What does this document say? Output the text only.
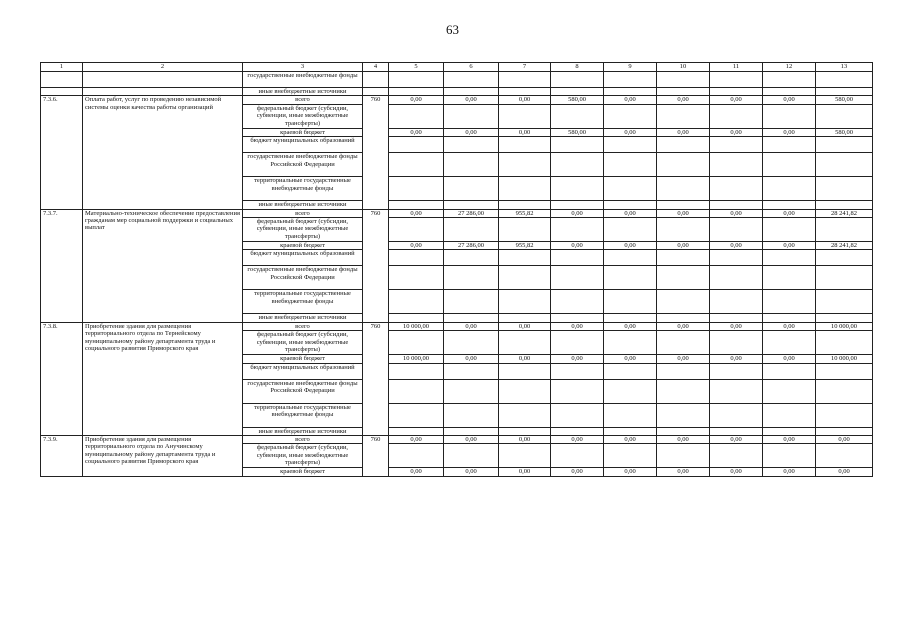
63
1	2	3	4	5	6	7	8	9	10	11	12	13
		государственные внебюджетные фонды										
		иные внебюджетные источники										
7.3.6.	Оплата работ, услуг по проведению независимой системы оценки качества работы организаций	всего	760	0,00	0,00	0,00	580,00	0,00	0,00	0,00	0,00	580,00
		федеральный бюджет (субсидии, субвенции, иные межбюджетные трансферты)										
		краевой бюджет		0,00	0,00	0,00	580,00	0,00	0,00	0,00	0,00	580,00
		бюджет муниципальных образований										
		государственные внебюджетные фонды Российской Федерации										
		территориальные государственные внебюджетные фонды										
		иные внебюджетные источники										
7.3.7.	Материально-техническое обеспечение предоставления гражданам мер социальной поддержки и социальных выплат	всего	760	0,00	27 286,00	955,82	0,00	0,00	0,00	0,00	0,00	28 241,82
		федеральный бюджет (субсидии, субвенции, иные межбюджетные трансферты)										
		краевой бюджет		0,00	27 286,00	955,82	0,00	0,00	0,00	0,00	0,00	28 241,82
		бюджет муниципальных образований										
		государственные внебюджетные фонды Российской Федерации										
		территориальные государственные внебюджетные фонды										
		иные внебюджетные источники										
7.3.8.	Приобретение здания для размещения территориального отдела по Тернейскому муниципальному району департамента труда и социального развития Приморского края	всего	760	10 000,00	0,00	0,00	0,00	0,00	0,00	0,00	0,00	10 000,00
		федеральный бюджет (субсидии, субвенции, иные межбюджетные трансферты)										
		краевой бюджет		10 000,00	0,00	0,00	0,00	0,00	0,00	0,00	0,00	10 000,00
		бюджет муниципальных образований										
		государственные внебюджетные фонды Российской Федерации										
		территориальные государственные внебюджетные фонды										
		иные внебюджетные источники										
7.3.9.	Приобретение здания для размещения территориального отдела по Анучинскому муниципальному району департамента труда и социального развития Приморского края	всего	760	0,00	0,00	0,00	0,00	0,00	0,00	0,00	0,00	0,00
		федеральный бюджет (субсидии, субвенции, иные межбюджетные трансферты)										
		краевой бюджет		0,00	0,00	0,00	0,00	0,00	0,00	0,00	0,00	0,00
